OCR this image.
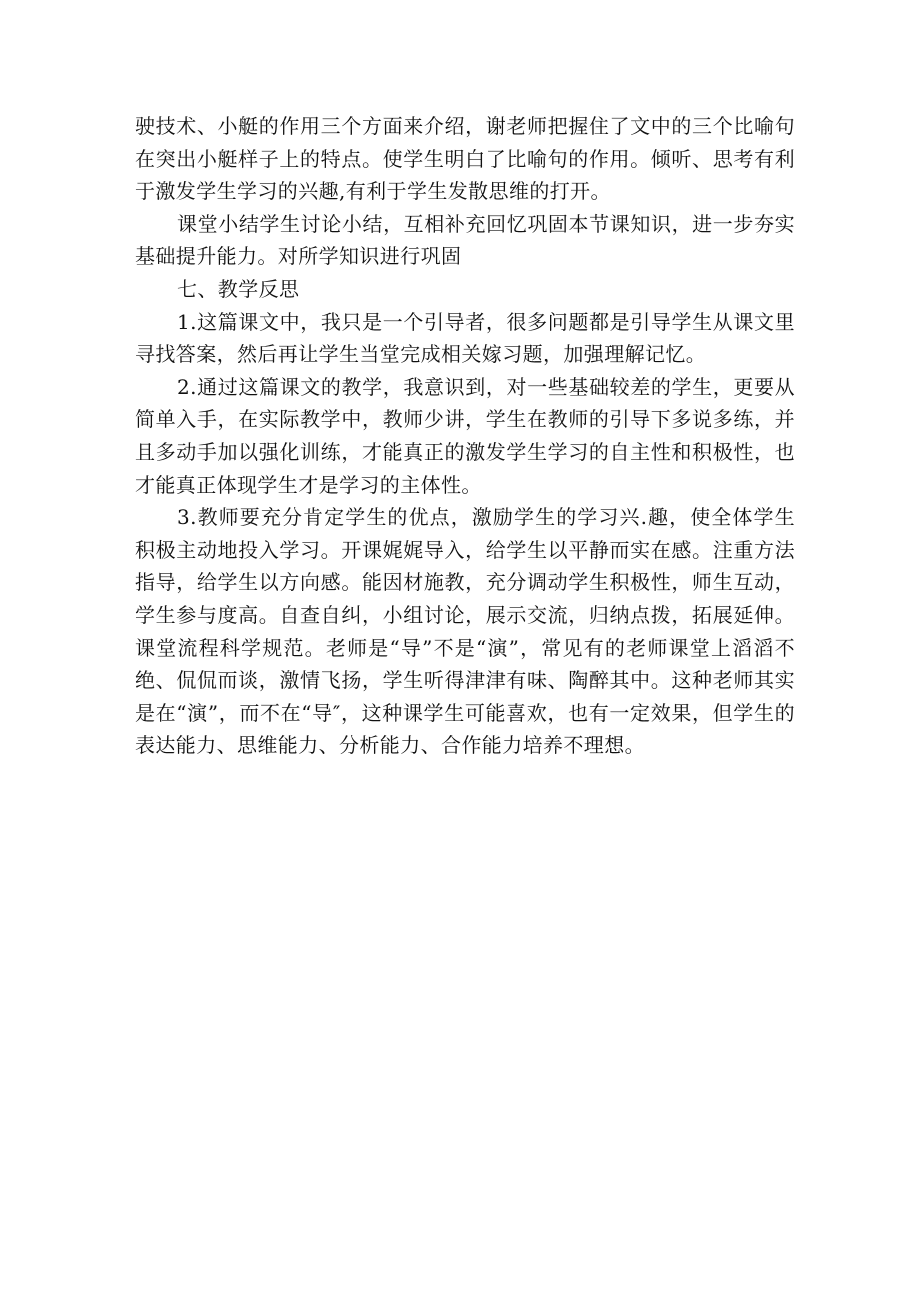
驶技术、小艇的作用三个方面来介绍，谢老师把握住了文中的三个比喻句在突出小艇样子上的特点。使学生明白了比喻句的作用。倾听、思考有利于激发学生学习的兴趣,有利于学生发散思维的打开。

课堂小结学生讨论小结，互相补充回忆巩固本节课知识，进一步夯实基础提升能力。对所学知识进行巩固

七、教学反思

1.这篇课文中，我只是一个引导者，很多问题都是引导学生从课文里寻找答案，然后再让学生当堂完成相关嫁习题，加强理解记忆。

2.通过这篇课文的教学，我意识到，对一些基础较差的学生，更要从简单入手，在实际教学中，教师少讲，学生在教师的引导下多说多练，并且多动手加以强化训练，才能真正的激发学生学习的自主性和积极性，也才能真正体现学生才是学习的主体性。

3.教师要充分肯定学生的优点，激励学生的学习兴.趣，使全体学生积极主动地投入学习。开课娓娓导入，给学生以平静而实在感。注重方法指导，给学生以方向感。能因材施教，充分调动学生积极性，师生互动，学生参与度高。自查自纠，小组讨论，展示交流，归纳点拨，拓展延伸。课堂流程科学规范。老师是“导”不是“演”，常见有的老师课堂上滔滔不绝、侃侃而谈，激情飞扬，学生听得津津有味、陶醉其中。这种老师其实是在“演”，而不在“导″，这种课学生可能喜欢，也有一定效果，但学生的表达能力、思维能力、分析能力、合作能力培养不理想。
